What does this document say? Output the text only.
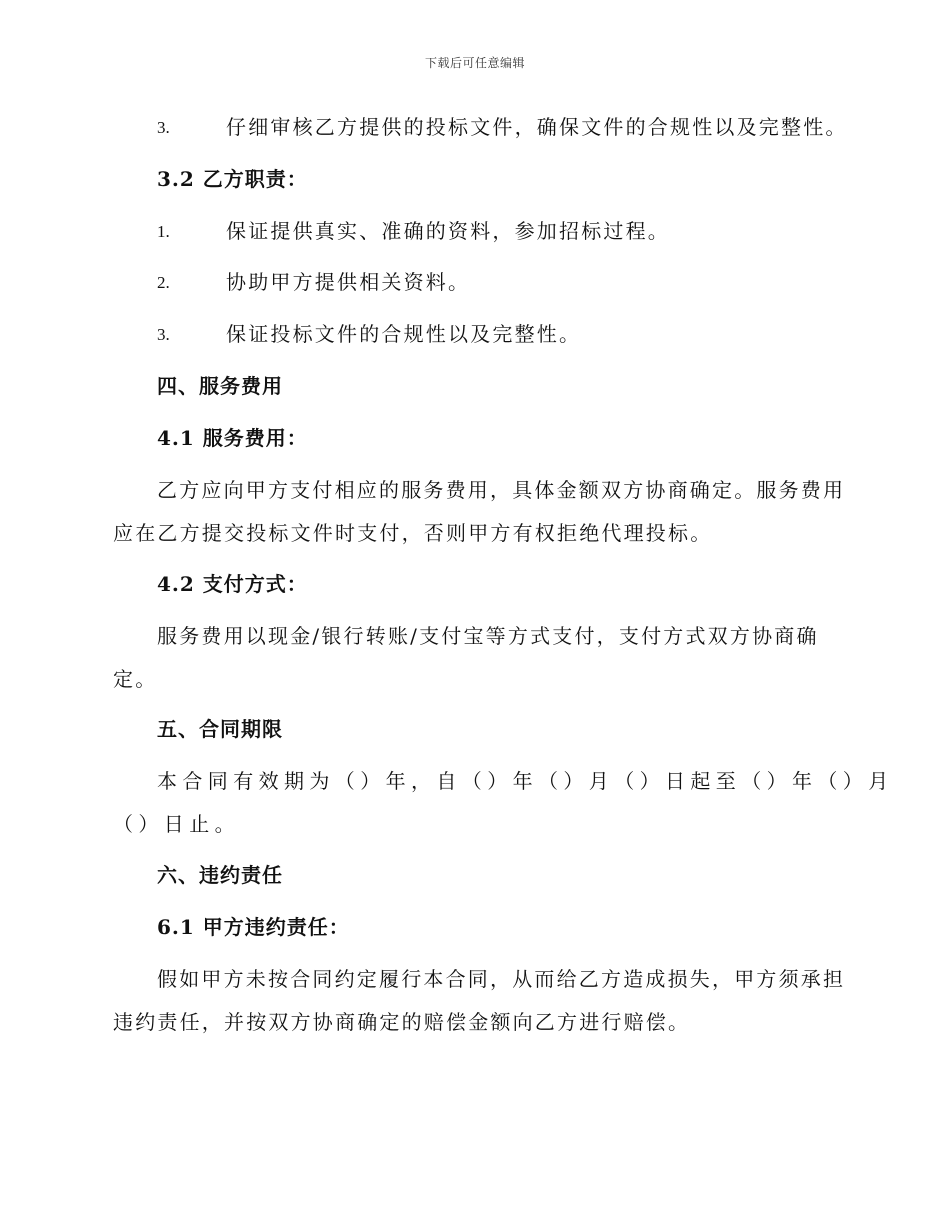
下载后可任意编辑
3.	仔细审核乙方提供的投标文件，确保文件的合规性以及完整性。
3.2 乙方职责：
1.	保证提供真实、准确的资料，参加招标过程。
2.	协助甲方提供相关资料。
3.	保证投标文件的合规性以及完整性。
四、服务费用
4.1 服务费用：
乙方应向甲方支付相应的服务费用，具体金额双方协商确定。服务费用
应在乙方提交投标文件时支付，否则甲方有权拒绝代理投标。
4.2 支付方式：
服务费用以现金/银行转账/支付宝等方式支付，支付方式双方协商确
定。
五、合同期限
本合同有效期为（）年，自（）年（）月（）日起至（）年（）月
（）日止。
六、违约责任
6.1 甲方违约责任：
假如甲方未按合同约定履行本合同，从而给乙方造成损失，甲方须承担
违约责任，并按双方协商确定的赔偿金额向乙方进行赔偿。
